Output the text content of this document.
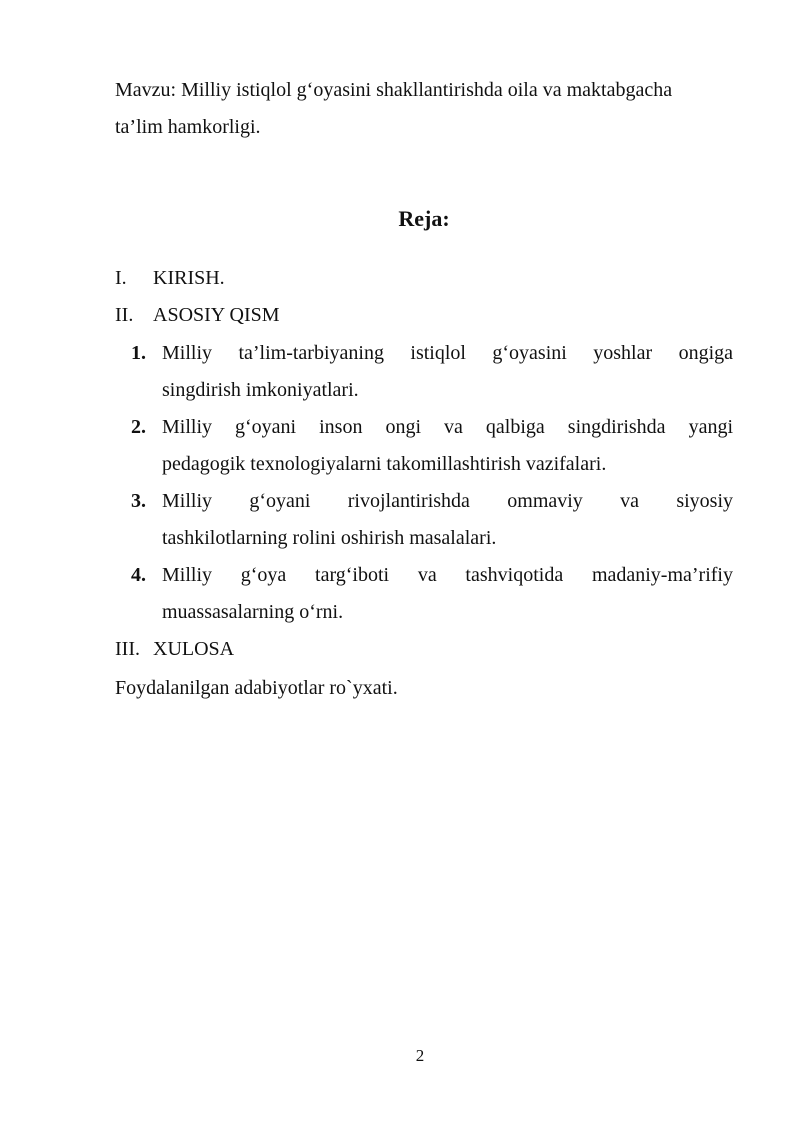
Mavzu: Milliy istiqlol g‘oyasini shakllantirishda oila va maktabgacha
ta’lim hamkorligi.
Reja:
I. KIRISH.
II. ASOSIY QISM
1. Milliy ta’lim-tarbiyaning istiqlol g‘oyasini yoshlar ongiga
singdirish imkoniyatlari.
2. Milliy g‘oyani inson ongi va qalbiga singdirishda yangi
pedagogik texnologiyalarni takomillashtirish vazifalari.
3. Milliy g‘oyani rivojlantirishda ommaviy va siyosiy
tashkilotlarning rolini oshirish masalalari.
4. Milliy g‘oya targ‘iboti va tashviqotida madaniy-ma’rifiy
muassasalarning o‘rni.
III. XULOSA
Foydalanilgan adabiyotlar ro`yxati.
2
